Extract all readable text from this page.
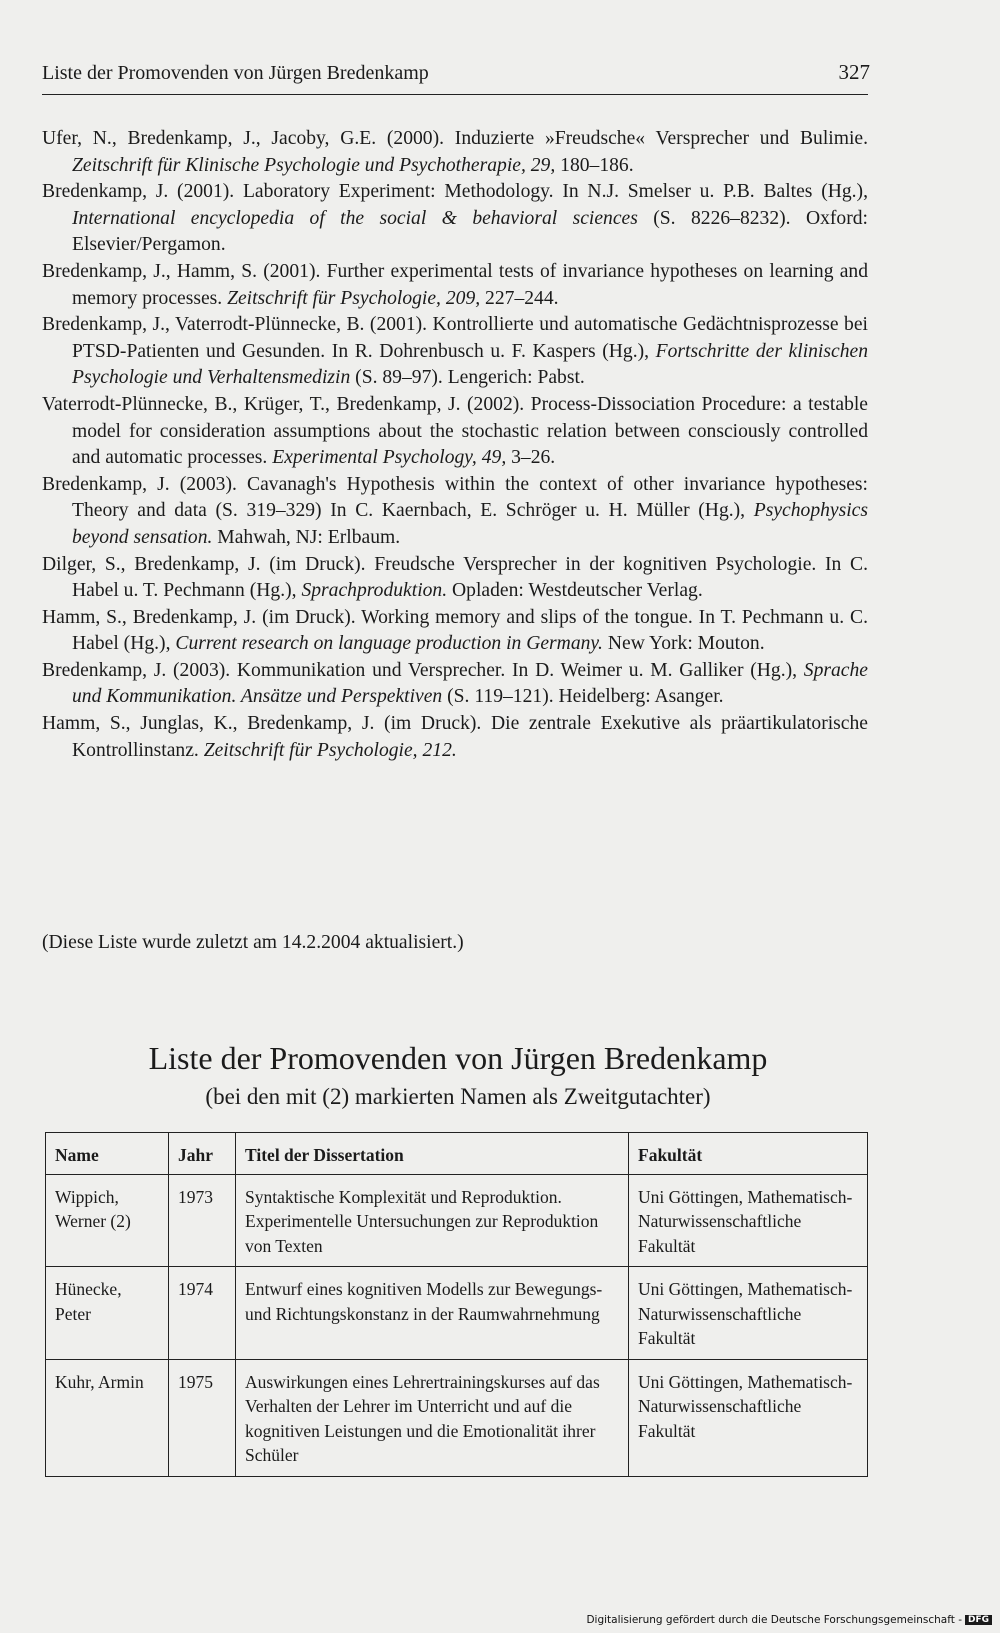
Liste der Promovenden von Jürgen Bredenkamp	327

Ufer, N., Bredenkamp, J., Jacoby, G.E. (2000). Induzierte »Freudsche« Versprecher und Bulimie. Zeitschrift für Klinische Psychologie und Psychotherapie, 29, 180–186.

Bredenkamp, J. (2001). Laboratory Experiment: Methodology. In N.J. Smelser u. P.B. Baltes (Hg.), International encyclopedia of the social & behavioral sciences (S. 8226–8232). Oxford: Elsevier/Pergamon.

Bredenkamp, J., Hamm, S. (2001). Further experimental tests of invariance hypotheses on learning and memory processes. Zeitschrift für Psychologie, 209, 227–244.

Bredenkamp, J., Vaterrodt-Plünnecke, B. (2001). Kontrollierte und automatische Gedächtnisprozesse bei PTSD-Patienten und Gesunden. In R. Dohrenbusch u. F. Kaspers (Hg.), Fortschritte der klinischen Psychologie und Verhaltensmedizin (S. 89–97). Lengerich: Pabst.

Vaterrodt-Plünnecke, B., Krüger, T., Bredenkamp, J. (2002). Process-Dissociation Procedure: a testable model for consideration assumptions about the stochastic relation between consciously controlled and automatic processes. Experimental Psychology, 49, 3–26.

Bredenkamp, J. (2003). Cavanagh's Hypothesis within the context of other invariance hypotheses: Theory and data (S. 319–329) In C. Kaernbach, E. Schröger u. H. Müller (Hg.), Psychophysics beyond sensation. Mahwah, NJ: Erlbaum.

Dilger, S., Bredenkamp, J. (im Druck). Freudsche Versprecher in der kognitiven Psychologie. In C. Habel u. T. Pechmann (Hg.), Sprachproduktion. Opladen: Westdeutscher Verlag.

Hamm, S., Bredenkamp, J. (im Druck). Working memory and slips of the tongue. In T. Pechmann u. C. Habel (Hg.), Current research on language production in Germany. New York: Mouton.

Bredenkamp, J. (2003). Kommunikation und Versprecher. In D. Weimer u. M. Galliker (Hg.), Sprache und Kommunikation. Ansätze und Perspektiven (S. 119–121). Heidelberg: Asanger.

Hamm, S., Junglas, K., Bredenkamp, J. (im Druck). Die zentrale Exekutive als präartikulatorische Kontrollinstanz. Zeitschrift für Psychologie, 212.

(Diese Liste wurde zuletzt am 14.2.2004 aktualisiert.)
Liste der Promovenden von Jürgen Bredenkamp
(bei den mit (2) markierten Namen als Zweitgutachter)
Name	Jahr	Titel der Dissertation	Fakultät
Wippich, Werner (2)	1973	Syntaktische Komplexität und Reproduktion. Experimentelle Untersuchungen zur Reproduktion von Texten	Uni Göttingen, Mathematisch-Naturwissenschaftliche Fakultät
Hünecke, Peter	1974	Entwurf eines kognitiven Modells zur Bewegungs- und Richtungskonstanz in der Raumwahrnehmung	Uni Göttingen, Mathematisch-Naturwissenschaftliche Fakultät
Kuhr, Armin	1975	Auswirkungen eines Lehrertrainingskurses auf das Verhalten der Lehrer im Unterricht und auf die kognitiven Leistungen und die Emotionalität ihrer Schüler	Uni Göttingen, Mathematisch-Naturwissenschaftliche Fakultät
Digitalisierung gefördert durch die Deutsche Forschungsgemeinschaft - DFG
